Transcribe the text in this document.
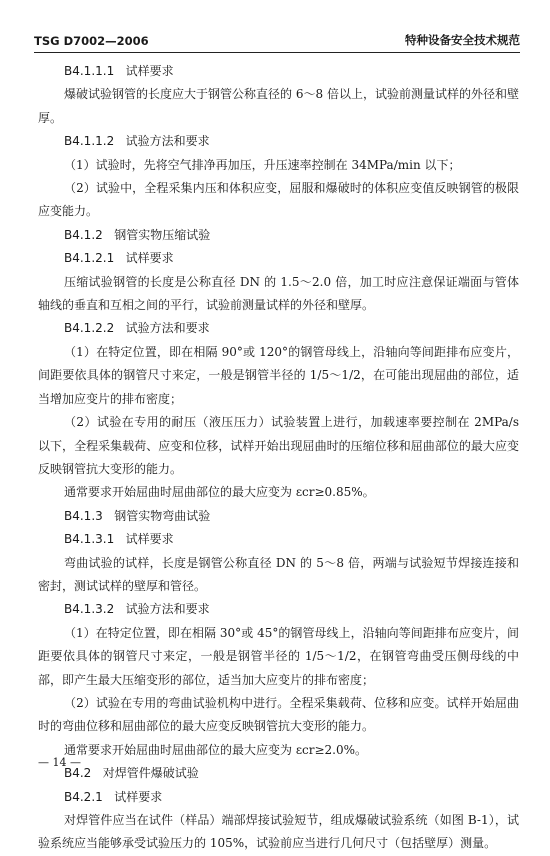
TSG D7002—2006	特种设备安全技术规范

B4.1.1.1   试样要求

爆破试验钢管的长度应大于钢管公称直径的 6～8 倍以上，试验前测量试样的外径和壁厚。

B4.1.1.2   试验方法和要求

（1）试验时，先将空气排净再加压，升压速率控制在 34MPa/min 以下；

（2）试验中，全程采集内压和体积应变，屈服和爆破时的体积应变值反映钢管的极限应变能力。

B4.1.2   钢管实物压缩试验

B4.1.2.1   试样要求

压缩试验钢管的长度是公称直径 DN 的 1.5～2.0 倍，加工时应注意保证端面与管体轴线的垂直和互相之间的平行，试验前测量试样的外径和壁厚。

B4.1.2.2   试验方法和要求

（1）在特定位置，即在相隔 90°或 120°的钢管母线上，沿轴向等间距排布应变片，间距要依具体的钢管尺寸来定，一般是钢管半径的 1/5～1/2，在可能出现屈曲的部位，适当增加应变片的排布密度；

（2）试验在专用的耐压（液压压力）试验装置上进行，加载速率要控制在 2MPa/s 以下，全程采集载荷、应变和位移，试样开始出现屈曲时的压缩位移和屈曲部位的最大应变反映钢管抗大变形的能力。

通常要求开始屈曲时屈曲部位的最大应变为 εcr≥0.85%。

B4.1.3   钢管实物弯曲试验

B4.1.3.1   试样要求

弯曲试验的试样，长度是钢管公称直径 DN 的 5～8 倍，两端与试验短节焊接连接和密封，测试试样的壁厚和管径。

B4.1.3.2   试验方法和要求

（1）在特定位置，即在相隔 30°或 45°的钢管母线上，沿轴向等间距排布应变片，间距要依具体的钢管尺寸来定，一般是钢管半径的 1/5～1/2，在钢管弯曲受压侧母线的中部，即产生最大压缩变形的部位，适当加大应变片的排布密度；

（2）试验在专用的弯曲试验机构中进行。全程采集载荷、位移和应变。试样开始屈曲时的弯曲位移和屈曲部位的最大应变反映钢管抗大变形的能力。

通常要求开始屈曲时屈曲部位的最大应变为 εcr≥2.0%。

B4.2   对焊管件爆破试验

B4.2.1   试样要求

对焊管件应当在试件（样品）端部焊接试验短节，组成爆破试验系统（如图 B-1），试验系统应当能够承受试验压力的 105%，试验前应当进行几何尺寸（包括壁厚）测量。

— 14 —
